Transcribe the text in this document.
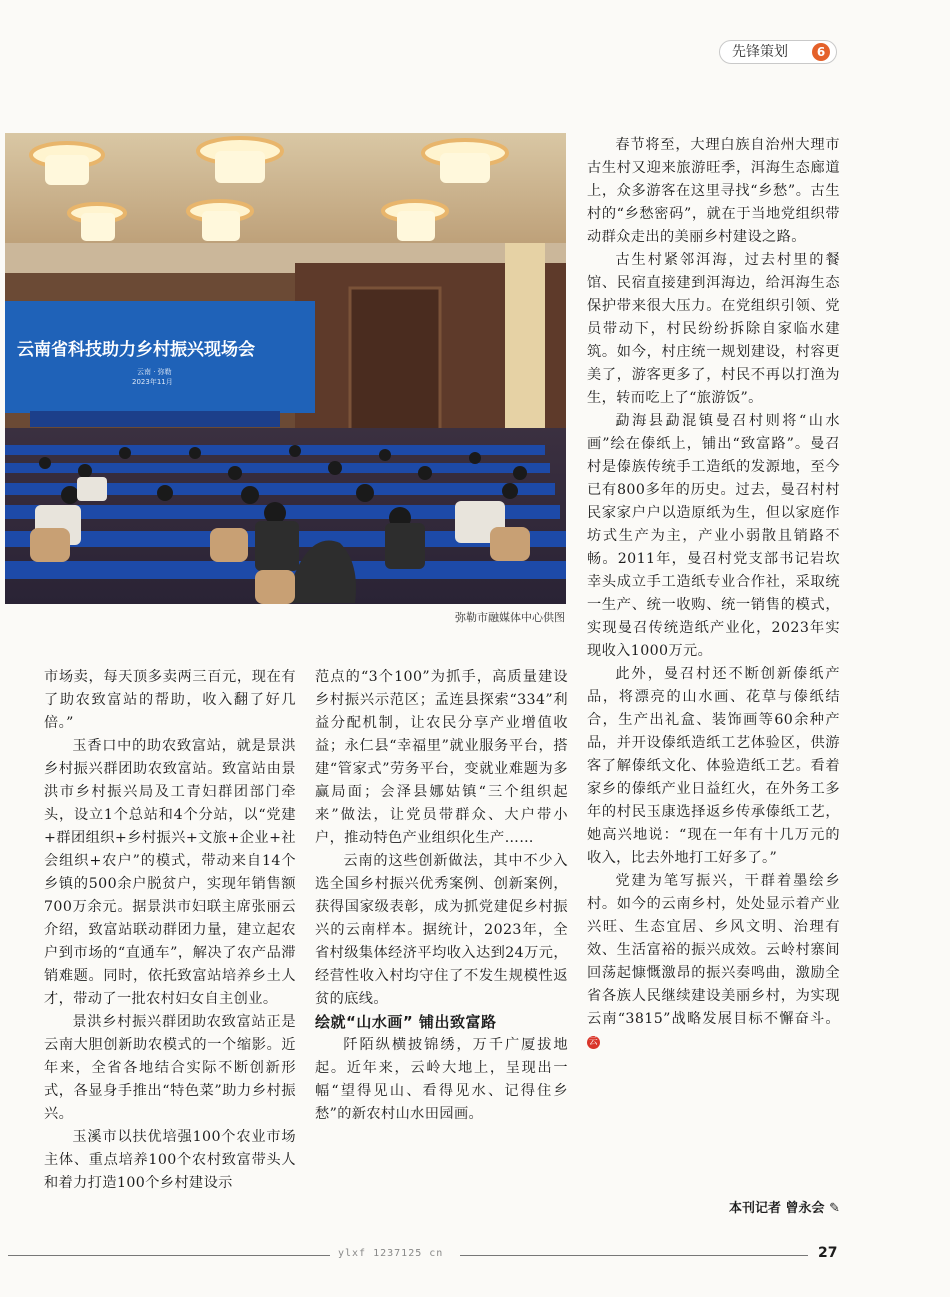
先锋策划	6
云南省科技助力乡村振兴现场会
云南 · 弥勒
2023年11月
弥勒市融媒体中心供图

市场卖，每天顶多卖两三百元，现在有了助农致富站的帮助，收入翻了好几倍。”

玉香口中的助农致富站，就是景洪乡村振兴群团助农致富站。致富站由景洪市乡村振兴局及工青妇群团部门牵头，设立1个总站和4个分站，以“党建+群团组织+乡村振兴+文旅+企业+社会组织+农户”的模式，带动来自14个乡镇的500余户脱贫户，实现年销售额700万余元。据景洪市妇联主席张丽云介绍，致富站联动群团力量，建立起农户到市场的“直通车”，解决了农产品滞销难题。同时，依托致富站培养乡土人才，带动了一批农村妇女自主创业。

景洪乡村振兴群团助农致富站正是云南大胆创新助农模式的一个缩影。近年来，全省各地结合实际不断创新形式，各显身手推出“特色菜”助力乡村振兴。

玉溪市以扶优培强100个农业市场主体、重点培养100个农村致富带头人和着力打造100个乡村建设示

范点的“3个100”为抓手，高质量建设乡村振兴示范区；孟连县探索“334”利益分配机制，让农民分享产业增值收益；永仁县“幸福里”就业服务平台，搭建“管家式”劳务平台，变就业难题为多赢局面；会泽县娜姑镇“三个组织起来”做法，让党员带群众、大户带小户，推动特色产业组织化生产……

云南的这些创新做法，其中不少入选全国乡村振兴优秀案例、创新案例，获得国家级表彰，成为抓党建促乡村振兴的云南样本。据统计，2023年，全省村级集体经济平均收入达到24万元，经营性收入村均守住了不发生规模性返贫的底线。

绘就“山水画” 铺出致富路

阡陌纵横披锦绣，万千广厦拔地起。近年来，云岭大地上，呈现出一幅“望得见山、看得见水、记得住乡愁”的新农村山水田园画。

春节将至，大理白族自治州大理市古生村又迎来旅游旺季，洱海生态廊道上，众多游客在这里寻找“乡愁”。古生村的“乡愁密码”，就在于当地党组织带动群众走出的美丽乡村建设之路。

古生村紧邻洱海，过去村里的餐馆、民宿直接建到洱海边，给洱海生态保护带来很大压力。在党组织引领、党员带动下，村民纷纷拆除自家临水建筑。如今，村庄统一规划建设，村容更美了，游客更多了，村民不再以打渔为生，转而吃上了“旅游饭”。

勐海县勐混镇曼召村则将“山水画”绘在傣纸上，铺出“致富路”。曼召村是傣族传统手工造纸的发源地，至今已有800多年的历史。过去，曼召村村民家家户户以造原纸为生，但以家庭作坊式生产为主，产业小弱散且销路不畅。2011年，曼召村党支部书记岩坎幸头成立手工造纸专业合作社，采取统一生产、统一收购、统一销售的模式，实现曼召传统造纸产业化，2023年实现收入1000万元。

此外，曼召村还不断创新傣纸产品，将漂亮的山水画、花草与傣纸结合，生产出礼盒、装饰画等60余种产品，并开设傣纸造纸工艺体验区，供游客了解傣纸文化、体验造纸工艺。看着家乡的傣纸产业日益红火，在外务工多年的村民玉康选择返乡传承傣纸工艺，她高兴地说：“现在一年有十几万元的收入，比去外地打工好多了。”

党建为笔写振兴，干群着墨绘乡村。如今的云南乡村，处处显示着产业兴旺、生态宜居、乡风文明、治理有效、生活富裕的振兴成效。云岭村寨间回荡起慷慨激昂的振兴奏鸣曲，激励全省各族人民继续建设美丽乡村，为实现云南“3815”战略发展目标不懈奋斗。云

本刊记者 曾永会 ✎
ylxf 1237125 cn	27
